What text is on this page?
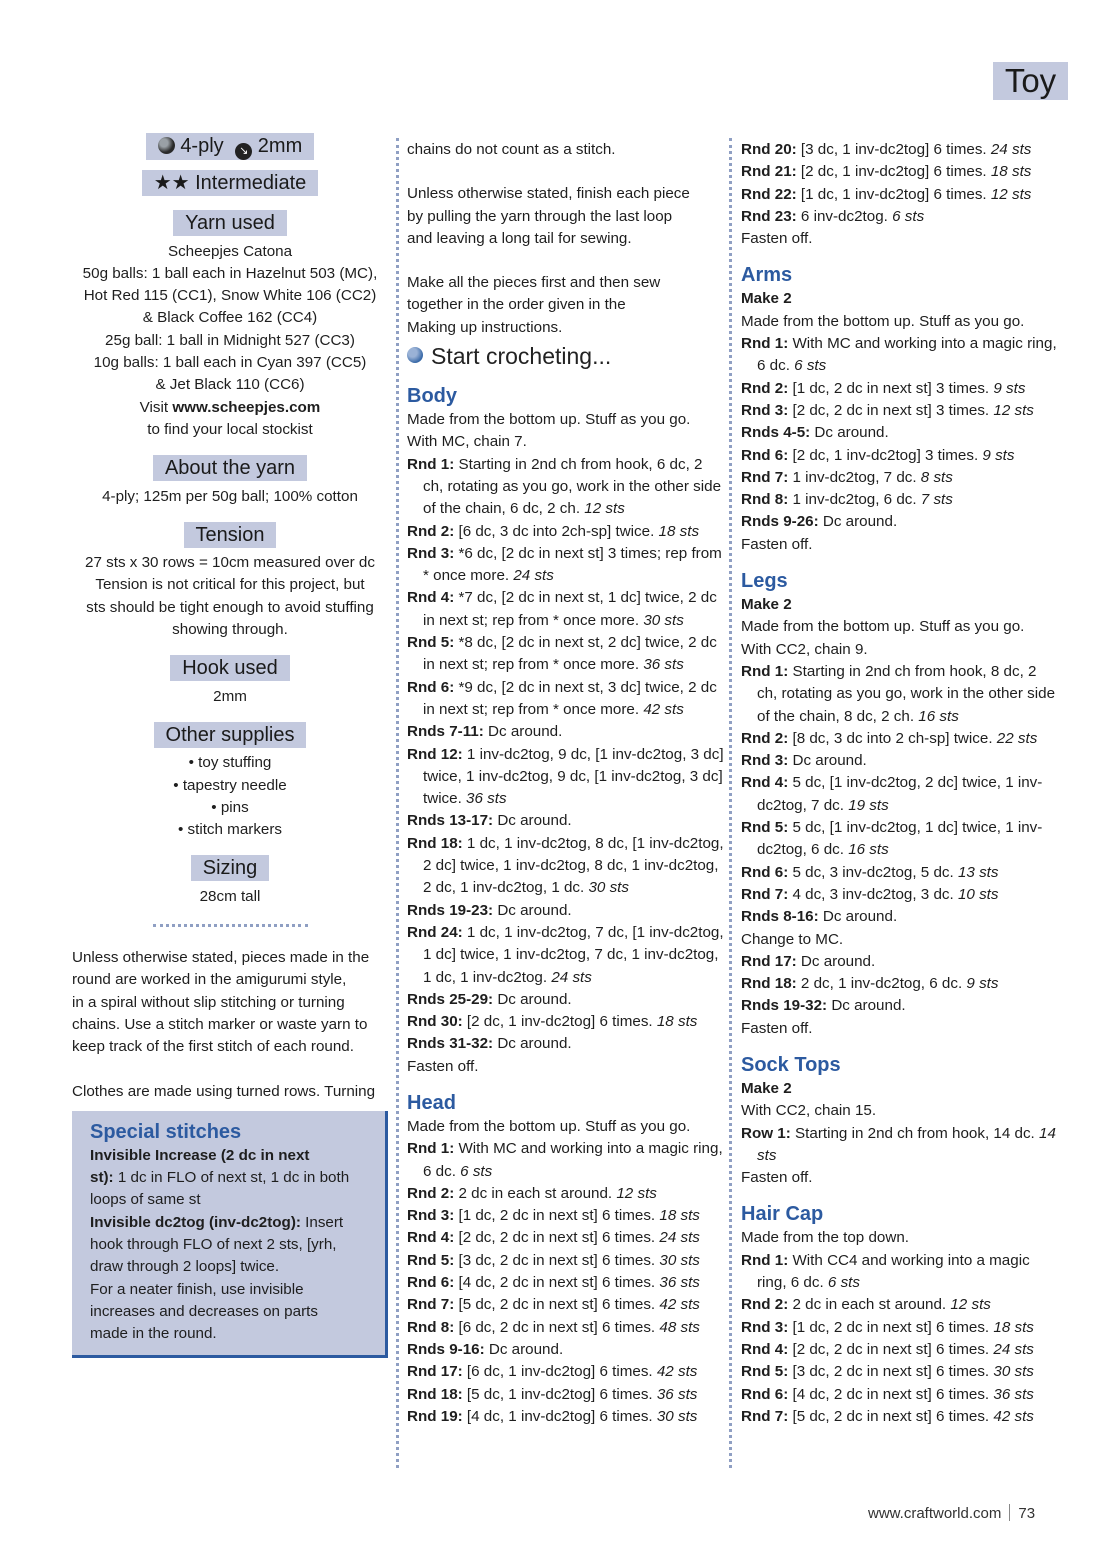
Toy
4-ply ↘ 2mm
★★ Intermediate
Yarn used
Scheepjes Catona
50g balls: 1 ball each in Hazelnut 503 (MC),
Hot Red 115 (CC1), Snow White 106 (CC2)
& Black Coffee 162 (CC4)
25g ball: 1 ball in Midnight 527 (CC3)
10g balls: 1 ball each in Cyan 397 (CC5)
& Jet Black 110 (CC6)
Visit www.scheepjes.com
to find your local stockist
About the yarn
4-ply; 125m per 50g ball; 100% cotton
Tension
27 sts x 30 rows = 10cm measured over dc
Tension is not critical for this project, but
sts should be tight enough to avoid stuffing
showing through.
Hook used
2mm
Other supplies
• toy stuffing
• tapestry needle
• pins
• stitch markers
Sizing
28cm tall
Unless otherwise stated, pieces made in the
round are worked in the amigurumi style,
in a spiral without slip stitching or turning
chains. Use a stitch marker or waste yarn to
keep track of the first stitch of each round.
Clothes are made using turned rows. Turning
Special stitches

Invisible Increase (2 dc in next

st): 1 dc in FLO of next st, 1 dc in both

loops of same st

Invisible dc2tog (inv-dc2tog): Insert

hook through FLO of next 2 sts, [yrh,

draw through 2 loops] twice.

For a neater finish, use invisible

increases and decreases on parts

made in the round.

chains do not count as a stitch.
Unless otherwise stated, finish each piece
by pulling the yarn through the last loop
and leaving a long tail for sewing.
Make all the pieces first and then sew
together in the order given in the
Making up instructions.
Start crocheting...
Body
Made from the bottom up. Stuff as you go.
With MC, chain 7.
Rnd 1: Starting in 2nd ch from hook, 6 dc, 2 ch, rotating as you go, work in the other side of the chain, 6 dc, 2 ch. 12 sts
Rnd 2: [6 dc, 3 dc into 2ch-sp] twice. 18 sts
Rnd 3: *6 dc, [2 dc in next st] 3 times; rep from * once more. 24 sts
Rnd 4: *7 dc, [2 dc in next st, 1 dc] twice, 2 dc in next st; rep from * once more. 30 sts
Rnd 5: *8 dc, [2 dc in next st, 2 dc] twice, 2 dc in next st; rep from * once more. 36 sts
Rnd 6: *9 dc, [2 dc in next st, 3 dc] twice, 2 dc in next st; rep from * once more. 42 sts
Rnds 7-11: Dc around.
Rnd 12: 1 inv-dc2tog, 9 dc, [1 inv-dc2tog, 3 dc] twice, 1 inv-dc2tog, 9 dc, [1 inv-dc2tog, 3 dc] twice. 36 sts
Rnds 13-17: Dc around.
Rnd 18: 1 dc, 1 inv-dc2tog, 8 dc, [1 inv-dc2tog, 2 dc] twice, 1 inv-dc2tog, 8 dc, 1 inv-dc2tog, 2 dc, 1 inv-dc2tog, 1 dc. 30 sts
Rnds 19-23: Dc around.
Rnd 24: 1 dc, 1 inv-dc2tog, 7 dc, [1 inv-dc2tog, 1 dc] twice, 1 inv-dc2tog, 7 dc, 1 inv-dc2tog, 1 dc, 1 inv-dc2tog. 24 sts
Rnds 25-29: Dc around.
Rnd 30: [2 dc, 1 inv-dc2tog] 6 times. 18 sts
Rnds 31-32: Dc around.
Fasten off.
Head
Made from the bottom up. Stuff as you go.
Rnd 1: With MC and working into a magic ring, 6 dc. 6 sts
Rnd 2: 2 dc in each st around. 12 sts
Rnd 3: [1 dc, 2 dc in next st] 6 times. 18 sts
Rnd 4: [2 dc, 2 dc in next st] 6 times. 24 sts
Rnd 5: [3 dc, 2 dc in next st] 6 times. 30 sts
Rnd 6: [4 dc, 2 dc in next st] 6 times. 36 sts
Rnd 7: [5 dc, 2 dc in next st] 6 times. 42 sts
Rnd 8: [6 dc, 2 dc in next st] 6 times. 48 sts
Rnds 9-16: Dc around.
Rnd 17: [6 dc, 1 inv-dc2tog] 6 times. 42 sts
Rnd 18: [5 dc, 1 inv-dc2tog] 6 times. 36 sts
Rnd 19: [4 dc, 1 inv-dc2tog] 6 times. 30 sts
Rnd 20: [3 dc, 1 inv-dc2tog] 6 times. 24 sts
Rnd 21: [2 dc, 1 inv-dc2tog] 6 times. 18 sts
Rnd 22: [1 dc, 1 inv-dc2tog] 6 times. 12 sts
Rnd 23: 6 inv-dc2tog. 6 sts
Fasten off.
Arms
Make 2
Made from the bottom up. Stuff as you go.
Rnd 1: With MC and working into a magic ring, 6 dc. 6 sts
Rnd 2: [1 dc, 2 dc in next st] 3 times. 9 sts
Rnd 3: [2 dc, 2 dc in next st] 3 times. 12 sts
Rnds 4-5: Dc around.
Rnd 6: [2 dc, 1 inv-dc2tog] 3 times. 9 sts
Rnd 7: 1 inv-dc2tog, 7 dc. 8 sts
Rnd 8: 1 inv-dc2tog, 6 dc. 7 sts
Rnds 9-26: Dc around.
Fasten off.
Legs
Make 2
Made from the bottom up. Stuff as you go.
With CC2, chain 9.
Rnd 1: Starting in 2nd ch from hook, 8 dc, 2 ch, rotating as you go, work in the other side of the chain, 8 dc, 2 ch. 16 sts
Rnd 2: [8 dc, 3 dc into 2 ch-sp] twice. 22 sts
Rnd 3: Dc around.
Rnd 4: 5 dc, [1 inv-dc2tog, 2 dc] twice, 1 inv-dc2tog, 7 dc. 19 sts
Rnd 5: 5 dc, [1 inv-dc2tog, 1 dc] twice, 1 inv-dc2tog, 6 dc. 16 sts
Rnd 6: 5 dc, 3 inv-dc2tog, 5 dc. 13 sts
Rnd 7: 4 dc, 3 inv-dc2tog, 3 dc. 10 sts
Rnds 8-16: Dc around.
Change to MC.
Rnd 17: Dc around.
Rnd 18: 2 dc, 1 inv-dc2tog, 6 dc. 9 sts
Rnds 19-32: Dc around.
Fasten off.
Sock Tops
Make 2
With CC2, chain 15.
Row 1: Starting in 2nd ch from hook, 14 dc. 14 sts
Fasten off.
Hair Cap
Made from the top down.
Rnd 1: With CC4 and working into a magic ring, 6 dc. 6 sts
Rnd 2: 2 dc in each st around. 12 sts
Rnd 3: [1 dc, 2 dc in next st] 6 times. 18 sts
Rnd 4: [2 dc, 2 dc in next st] 6 times. 24 sts
Rnd 5: [3 dc, 2 dc in next st] 6 times. 30 sts
Rnd 6: [4 dc, 2 dc in next st] 6 times. 36 sts
Rnd 7: [5 dc, 2 dc in next st] 6 times. 42 sts
www.craftworld.com 73
